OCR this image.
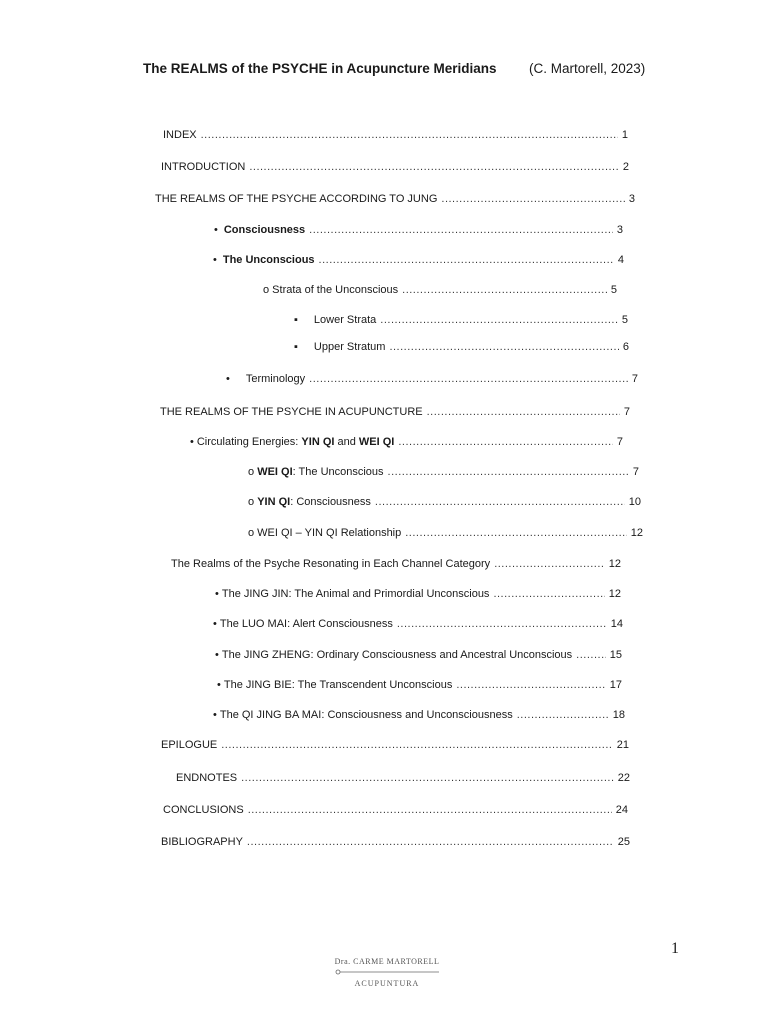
The REALMS of the PSYCHE in Acupuncture Meridians (C. Martorell, 2023)
INDEX .....	1
INTRODUCTION .....	2
THE REALMS OF THE PSYCHE ACCORDING TO JUNG .....	3
• Consciousness .....	3
• The Unconscious .....	4
o Strata of the Unconscious .....	5
▪ Lower Strata .....	5
▪ Upper Stratum .....	6
• Terminology .....	7
THE REALMS OF THE PSYCHE IN ACUPUNCTURE .....	7
• Circulating Energies: YIN QI and WEI QI .....	7
o WEI QI: The Unconscious .....	7
o YIN QI: Consciousness .....	10
o WEI QI – YIN QI Relationship .....	12
The Realms of the Psyche Resonating in Each Channel Category .....	12
• The JING JIN: The Animal and Primordial Unconscious .....	12
• The LUO MAI: Alert Consciousness .....	14
• The JING ZHENG: Ordinary Consciousness and Ancestral Unconscious .....	15
• The JING BIE: The Transcendent Unconscious .....	17
• The QI JING BA MAI: Consciousness and Unconsciousness .....	18
EPILOGUE .....	21
ENDNOTES .....	22
CONCLUSIONS .....	24
BIBLIOGRAPHY .....	25
1
Dra. CARME MARTORELL
ACUPUNTURA
